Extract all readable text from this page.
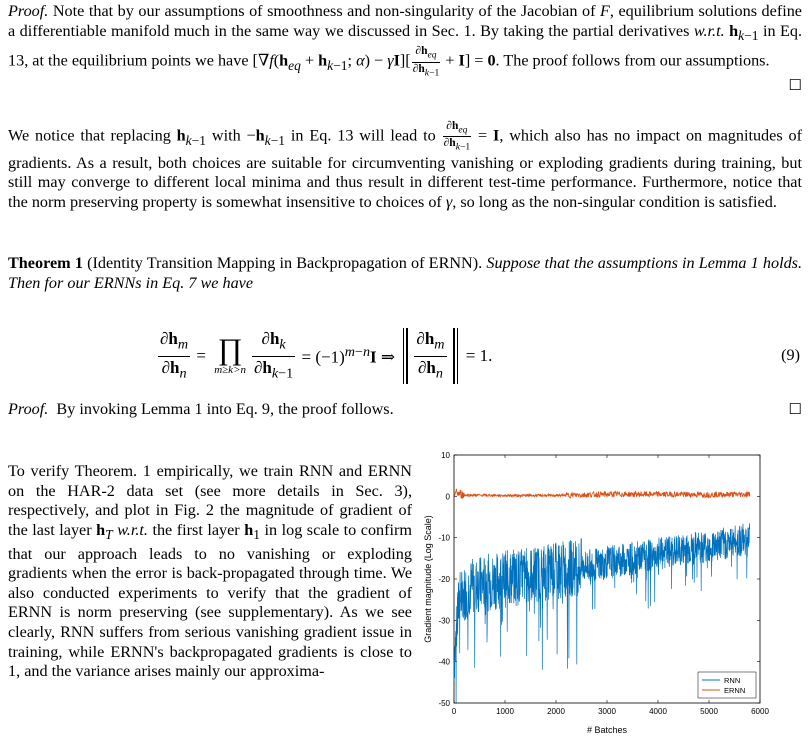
Proof. Note that by our assumptions of smoothness and non-singularity of the Jacobian of F, equilibrium solutions define a differentiable manifold much in the same way we discussed in Sec. 1. By taking the partial derivatives w.r.t. $h_{k-1}$ in Eq. 13, at the equilibrium points we have [$\nabla f(h_{eq} + h_{k-1}$; $\alpha) - \gamma I][ \frac{\partial h_{eq}}{\partial h_{k-1}} + I] = 0$. The proof follows from our assumptions.
☐
We notice that replacing $h_{k-1}$ with $-h_{k-1}$ in Eq. 13 will lead to $\frac{\partial h_{eq}}{\partial h_{k-1}} = I$, which also has no impact on magnitudes of gradients. As a result, both choices are suitable for circumventing vanishing or exploding gradients during training, but still may converge to different local minima and thus result in different test-time performance. Furthermore, notice that the norm preserving property is somewhat insensitive to choices of γ, so long as the non-singular condition is satisfied.
Theorem 1 (Identity Transition Mapping in Backpropagation of ERNN). Suppose that the assumptions in Lemma 1 holds. Then for our ERNNs in Eq. 7 we have
$\frac{\partial h_m}{\partial h_n}$ = ∏
$m\ge k>n \frac{\partial h_k}{\partial h_{k-1}} = (-1)^{m-n}I$ ⇒ $\frac{\partial h_m}{\partial h_n} = 1$.	(9)
Proof. By invoking Lemma 1 into Eq. 9, the proof follows.	☐
To verify Theorem. 1 empirically, we train RNN and ERNN on the HAR-2 data set (see more details in Sec. 3), respectively, and plot in Fig. 2 the magnitude of gradient of the last layer $h_T$ w.r.t. the first layer $h_1$ in log scale to confirm that our approach leads to no vanishing or exploding gradients when the error is back-propagated through time. We also conducted experiments to verify that the gradient of ERNN is norm preserving (see supplementary). As we see clearly, RNN suffers from serious vanishing gradient issue in training, while ERNN's backpropagated gradients is close to 1, and the variance arises mainly our approxima-
0	1000	2000	3000	4000	5000	6000
10
0
-10
-20
-30
-40
-50
RNN
ERNN
# Batches
Gradient magnitude (Log Scale)
